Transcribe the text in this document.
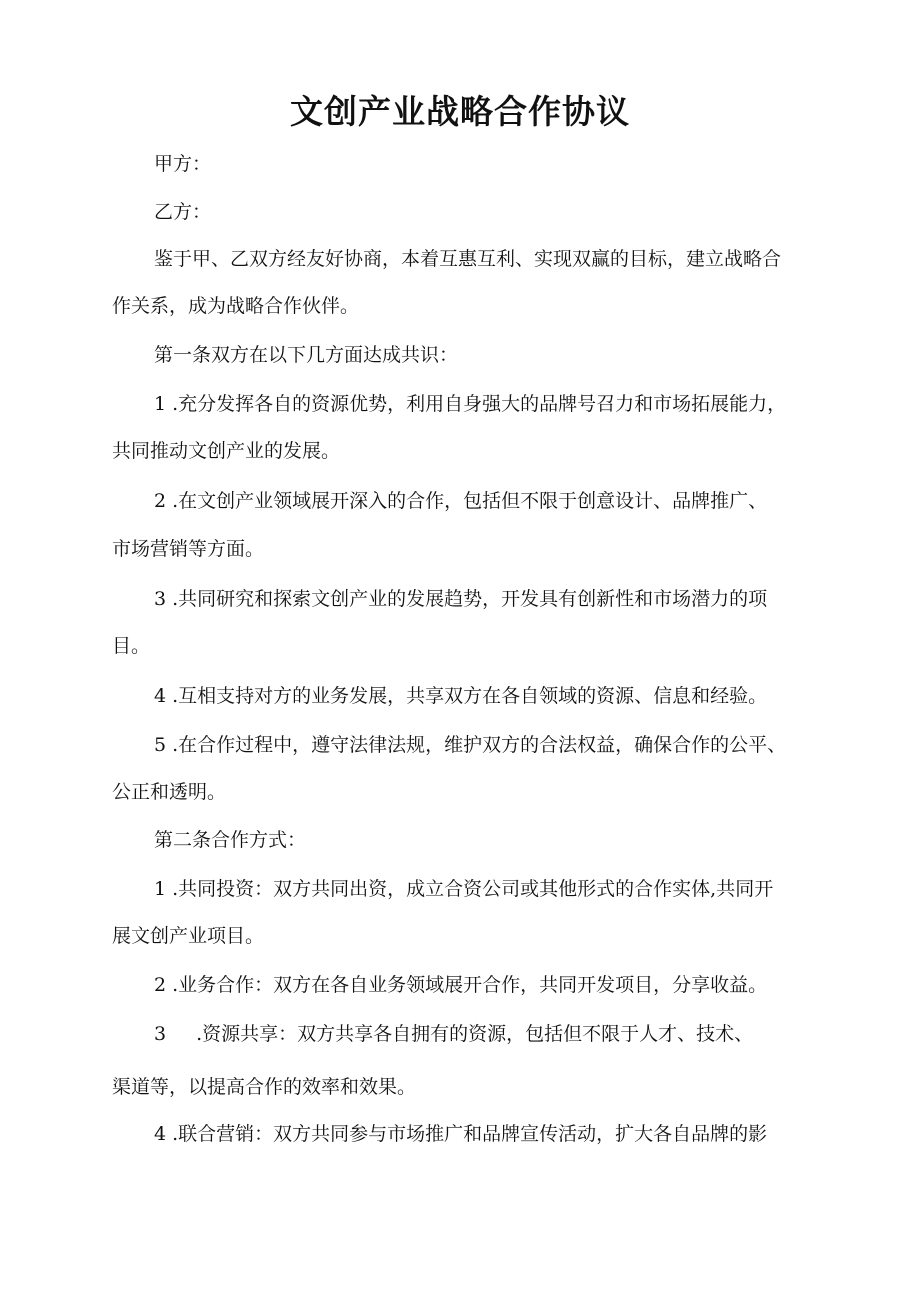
文创产业战略合作协议
甲方：
乙方：
鉴于甲、乙双方经友好协商，本着互惠互利、实现双赢的目标，建立战略合
作关系，成为战略合作伙伴。
第一条双方在以下几方面达成共识：
1 .充分发挥各自的资源优势，利用自身强大的品牌号召力和市场拓展能力，
共同推动文创产业的发展。
2 .在文创产业领域展开深入的合作，包括但不限于创意设计、品牌推广、
市场营销等方面。
3 .共同研究和探索文创产业的发展趋势，开发具有创新性和市场潜力的项
目。
4 .互相支持对方的业务发展，共享双方在各自领域的资源、信息和经验。
5 .在合作过程中，遵守法律法规，维护双方的合法权益，确保合作的公平、
公正和透明。
第二条合作方式：
1 .共同投资：双方共同出资，成立合资公司或其他形式的合作实体,共同开
展文创产业项目。
2 .业务合作：双方在各自业务领域展开合作，共同开发项目，分享收益。
3 .资源共享：双方共享各自拥有的资源，包括但不限于人才、技术、
渠道等，以提高合作的效率和效果。
4 .联合营销：双方共同参与市场推广和品牌宣传活动，扩大各自品牌的影
